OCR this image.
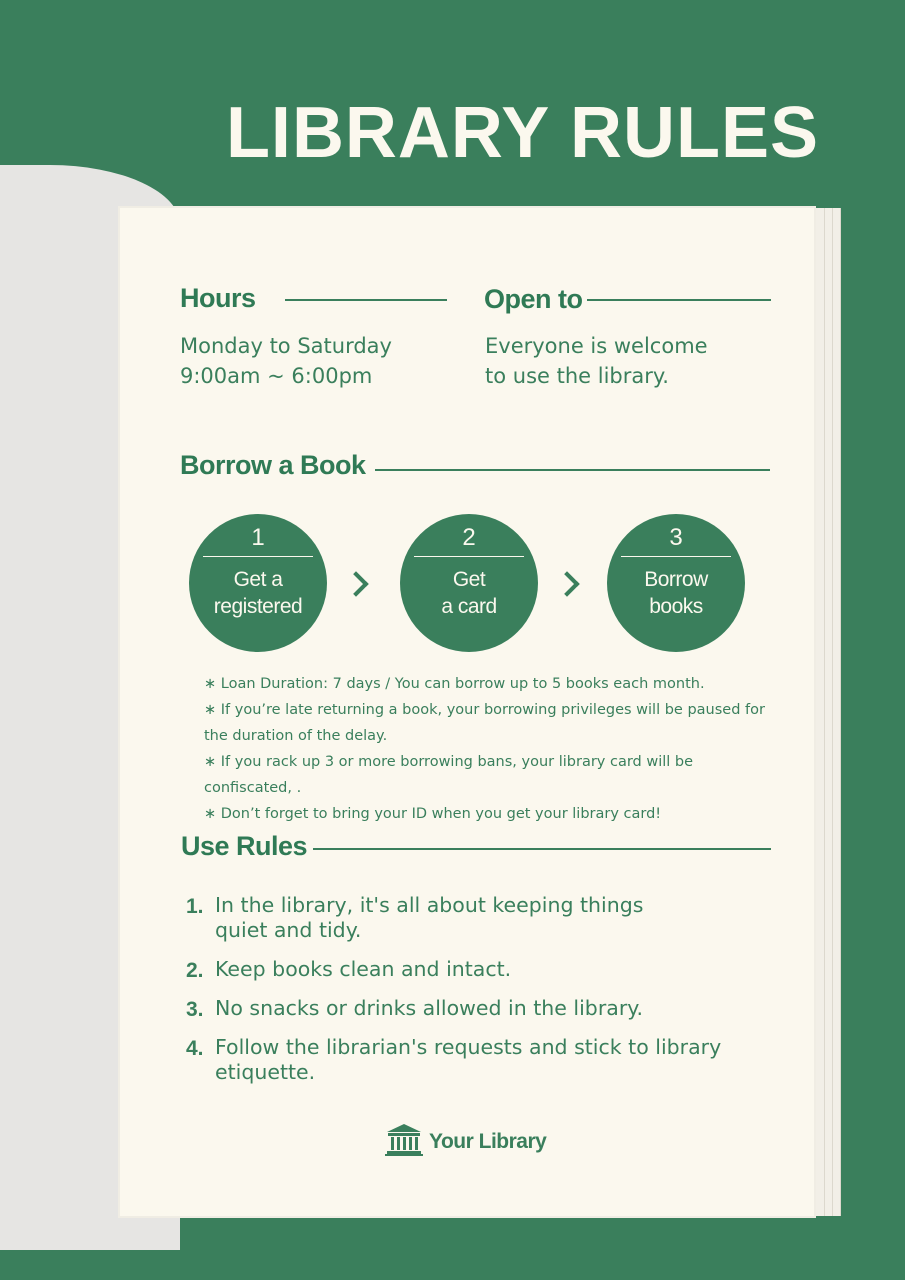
LIBRARY RULES
Hours
Monday to Saturday
9:00am ~ 6:00pm
Open to
Everyone is welcome
to use the library.
Borrow a Book
1
Get a
registered
2
Get
a card
3
Borrow
books
∗ Loan Duration: 7 days / You can borrow up to 5 books each month.
∗ If you’re late returning a book, your borrowing privileges will be paused for the duration of the delay.
∗ If you rack up 3 or more borrowing bans, your library card will be confiscated, .
∗ Don’t forget to bring your ID when you get your library card!
Use Rules
1. In the library, it's all about keeping things quiet and tidy.
2. Keep books clean and intact.
3. No snacks or drinks allowed in the library.
4. Follow the librarian's requests and stick to library etiquette.
Your Library
